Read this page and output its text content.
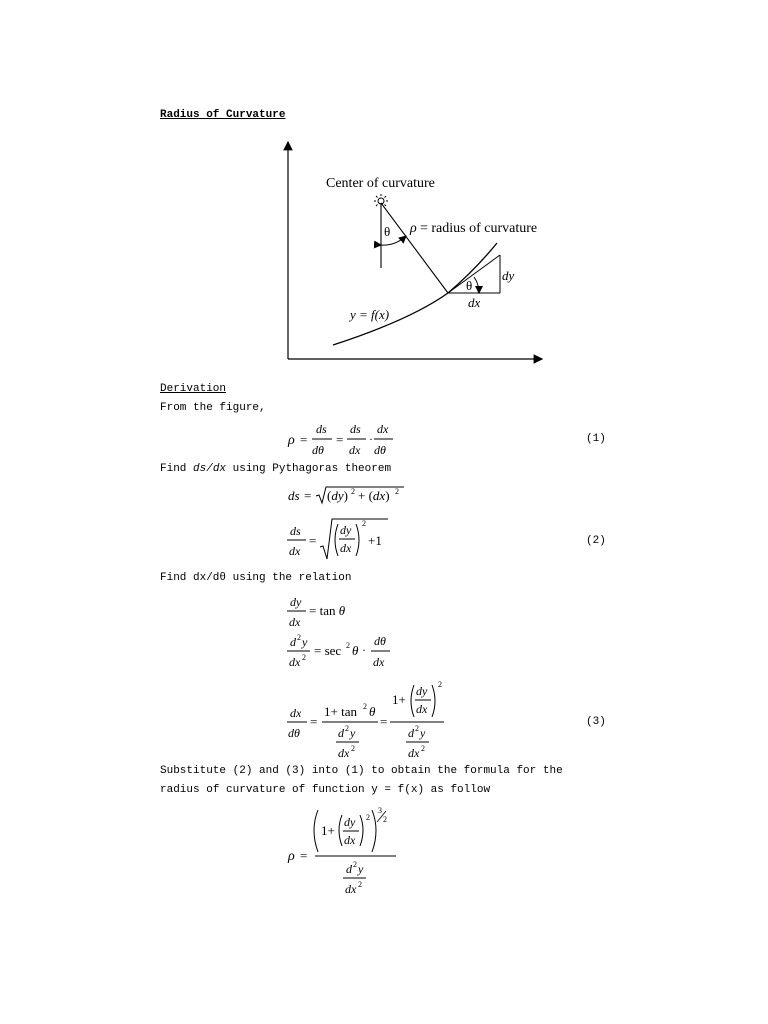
Radius of Curvature
Center of curvature
θ ρ = radius of curvature
θ
dy
dx
y = f(x)
Derivation
From the figure,
ρ =
ds
dθ
=
ds
dx
·
dx
dθ
(1)
Find ds/dx using Pythagoras theorem
ds = (dy) 2 + (dx) 2
ds
dx
=
dy
dx
2
+1	(2)
Find dx/dθ using the relation
dy
dx
= tan θ
d 2 y
dx 2 = sec 2 θ ·
dθ
dx
dx
dθ
=
1+ tan 2 θ
d 2 y
dx 2
=
1+
dy
dx
2
d 2 y
dx 2
(3)
Substitute (2) and (3) into (1) to obtain the formula for the
radius of curvature of function y = f(x) as follow
ρ =
1+
dy
dx
2
3
2
d 2 y
dx 2
